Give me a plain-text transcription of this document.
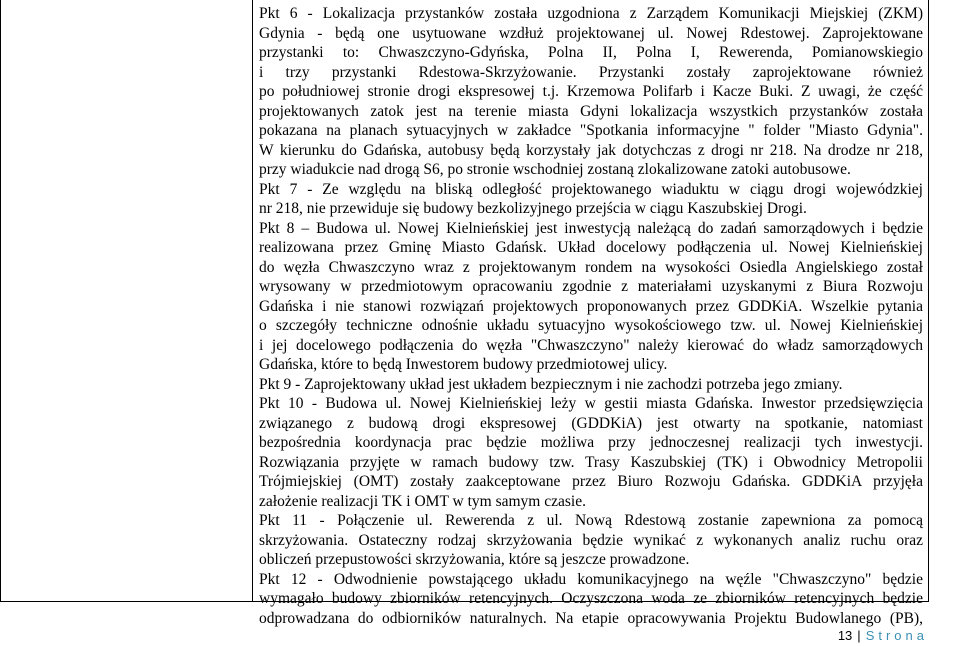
Pkt 6 - Lokalizacja przystanków została uzgodniona z Zarządem Komunikacji Miejskiej (ZKM)
Gdynia - będą one usytuowane wzdłuż projektowanej ul. Nowej Rdestowej. Zaprojektowane
przystanki to: Chwaszczyno-Gdyńska, Polna II, Polna I, Rewerenda, Pomianowskiegio
i trzy przystanki Rdestowa-Skrzyżowanie. Przystanki zostały zaprojektowane również
po południowej stronie drogi ekspresowej t.j. Krzemowa Polifarb i Kacze Buki. Z uwagi, że część
projektowanych zatok jest na terenie miasta Gdyni lokalizacja wszystkich przystanków została
pokazana na planach sytuacyjnych w zakładce "Spotkania informacyjne " folder "Miasto Gdynia".
W kierunku do Gdańska, autobusy będą korzystały jak dotychczas z drogi nr 218. Na drodze nr 218,
przy wiadukcie nad drogą S6, po stronie wschodniej zostaną zlokalizowane zatoki autobusowe.
Pkt 7 - Ze względu na bliską odległość projektowanego wiaduktu w ciągu drogi wojewódzkiej
nr 218, nie przewiduje się budowy bezkolizyjnego przejścia w ciągu Kaszubskiej Drogi.
Pkt 8 – Budowa ul. Nowej Kielnieńskiej jest inwestycją należącą do zadań samorządowych i będzie
realizowana przez Gminę Miasto Gdańsk. Układ docelowy podłączenia ul. Nowej Kielnieńskiej
do węzła Chwaszczyno wraz z projektowanym rondem na wysokości Osiedla Angielskiego został
wrysowany w przedmiotowym opracowaniu zgodnie z materiałami uzyskanymi z Biura Rozwoju
Gdańska i nie stanowi rozwiązań projektowych proponowanych przez GDDKiA. Wszelkie pytania
o szczegóły techniczne odnośnie układu sytuacyjno wysokościowego tzw. ul. Nowej Kielnieńskiej
i jej docelowego podłączenia do węzła "Chwaszczyno" należy kierować do władz samorządowych
Gdańska, które to będą Inwestorem budowy przedmiotowej ulicy.
Pkt 9 - Zaprojektowany układ jest układem bezpiecznym i nie zachodzi potrzeba jego zmiany.
Pkt 10 - Budowa ul. Nowej Kielnieńskiej leży w gestii miasta Gdańska. Inwestor przedsięwzięcia
związanego z budową drogi ekspresowej (GDDKiA) jest otwarty na spotkanie, natomiast
bezpośrednia koordynacja prac będzie możliwa przy jednoczesnej realizacji tych inwestycji.
Rozwiązania przyjęte w ramach budowy tzw. Trasy Kaszubskiej (TK) i Obwodnicy Metropolii
Trójmiejskiej (OMT) zostały zaakceptowane przez Biuro Rozwoju Gdańska. GDDKiA przyjęła
założenie realizacji TK i OMT w tym samym czasie.
Pkt 11 - Połączenie ul. Rewerenda z ul. Nową Rdestową zostanie zapewniona za pomocą
skrzyżowania. Ostateczny rodzaj skrzyżowania będzie wynikać z wykonanych analiz ruchu oraz
obliczeń przepustowości skrzyżowania, które są jeszcze prowadzone.
Pkt 12 - Odwodnienie powstającego układu komunikacyjnego na węźle "Chwaszczyno" będzie
wymagało budowy zbiorników retencyjnych. Oczyszczona woda ze zbiorników retencyjnych będzie
odprowadzana do odbiorników naturalnych. Na etapie opracowywania Projektu Budowlanego (PB),
13 | Strona
